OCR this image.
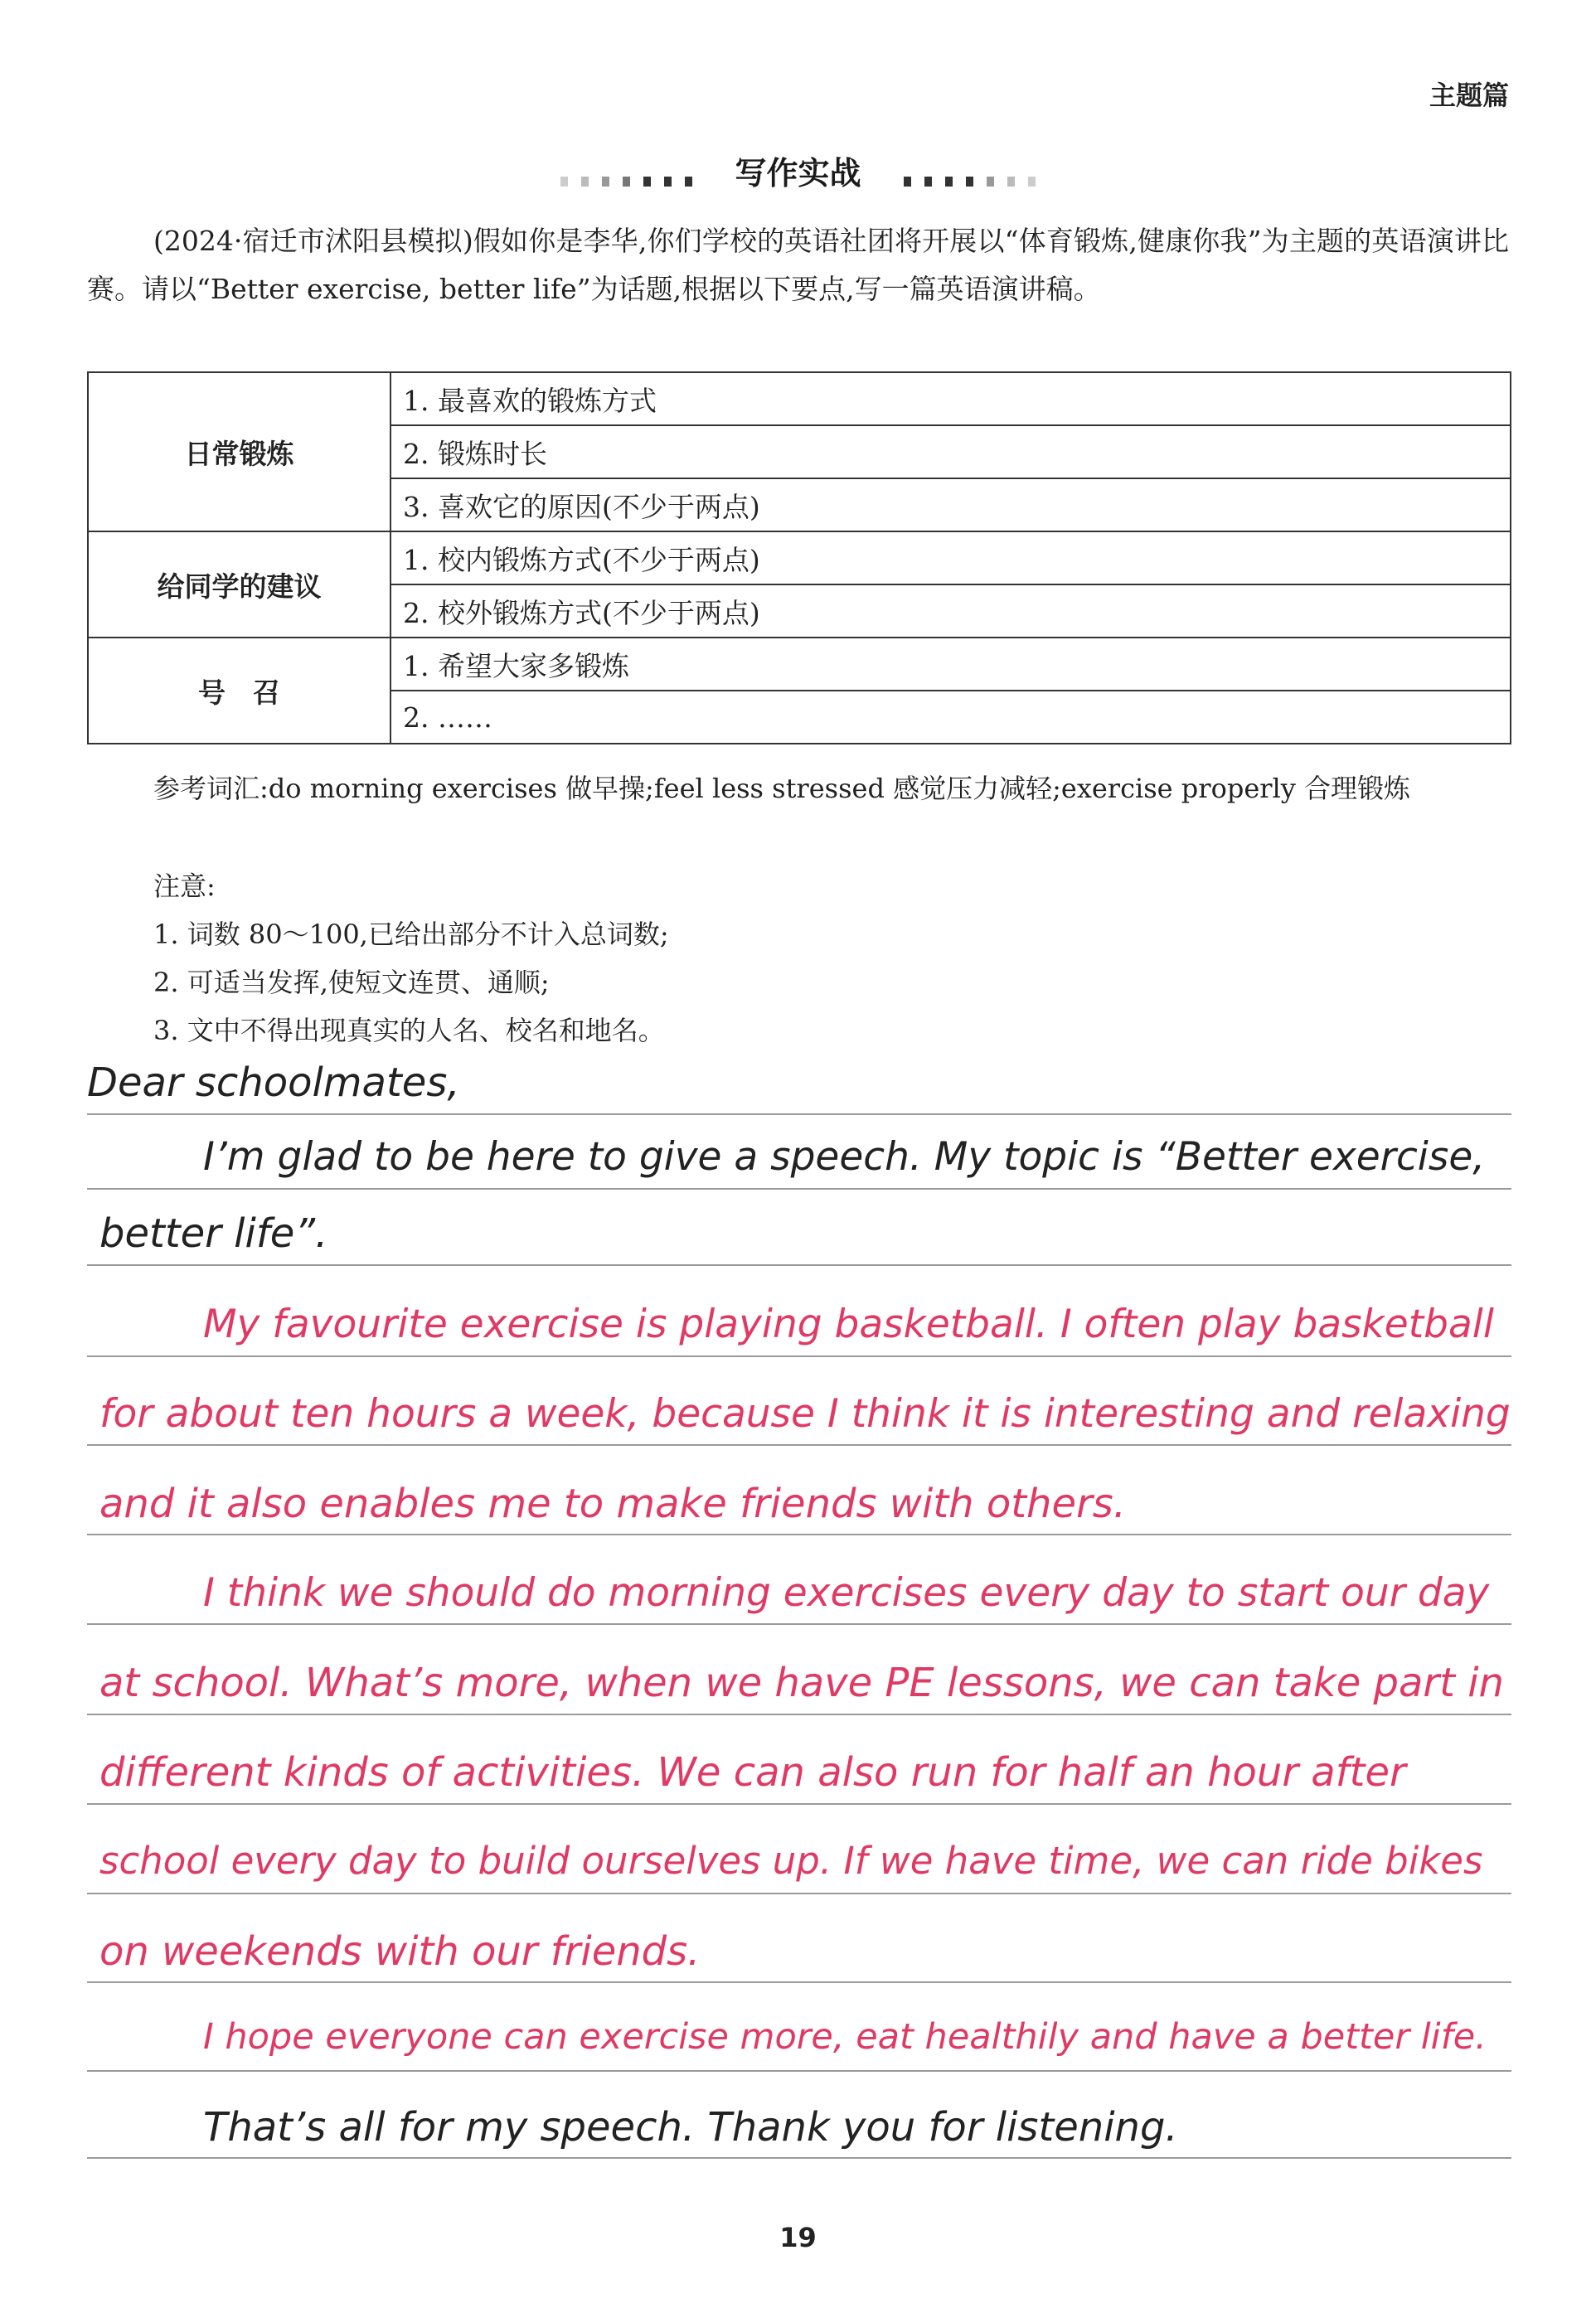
主题篇
写作实战
(2024·宿迁市沭阳县模拟)假如你是李华,你们学校的英语社团将开展以“体育锻炼,健康你我”为主题的英语演讲比赛。请以“Better exercise, better life”为话题,根据以下要点,写一篇英语演讲稿。
日常锻炼	1. 最喜欢的锻炼方式
	2. 锻炼时长
	3. 喜欢它的原因(不少于两点)
给同学的建议	1. 校内锻炼方式(不少于两点)
	2. 校外锻炼方式(不少于两点)
号　召	1. 希望大家多锻炼
	2. ……
参考词汇:do morning exercises 做早操;feel less stressed 感觉压力减轻;exercise properly 合理锻炼
注意:
1. 词数 80～100,已给出部分不计入总词数;
2. 可适当发挥,使短文连贯、通顺;
3. 文中不得出现真实的人名、校名和地名。
Dear schoolmates,
I’m glad to be here to give a speech. My topic is “Better exercise,
better life”.
My favourite exercise is playing basketball. I often play basketball
for about ten hours a week, because I think it is interesting and relaxing
and it also enables me to make friends with others.
I think we should do morning exercises every day to start our day
at school. What’s more, when we have PE lessons, we can take part in
different kinds of activities. We can also run for half an hour after
school every day to build ourselves up. If we have time, we can ride bikes
on weekends with our friends.
I hope everyone can exercise more, eat healthily and have a better life.
That’s all for my speech. Thank you for listening.
19
